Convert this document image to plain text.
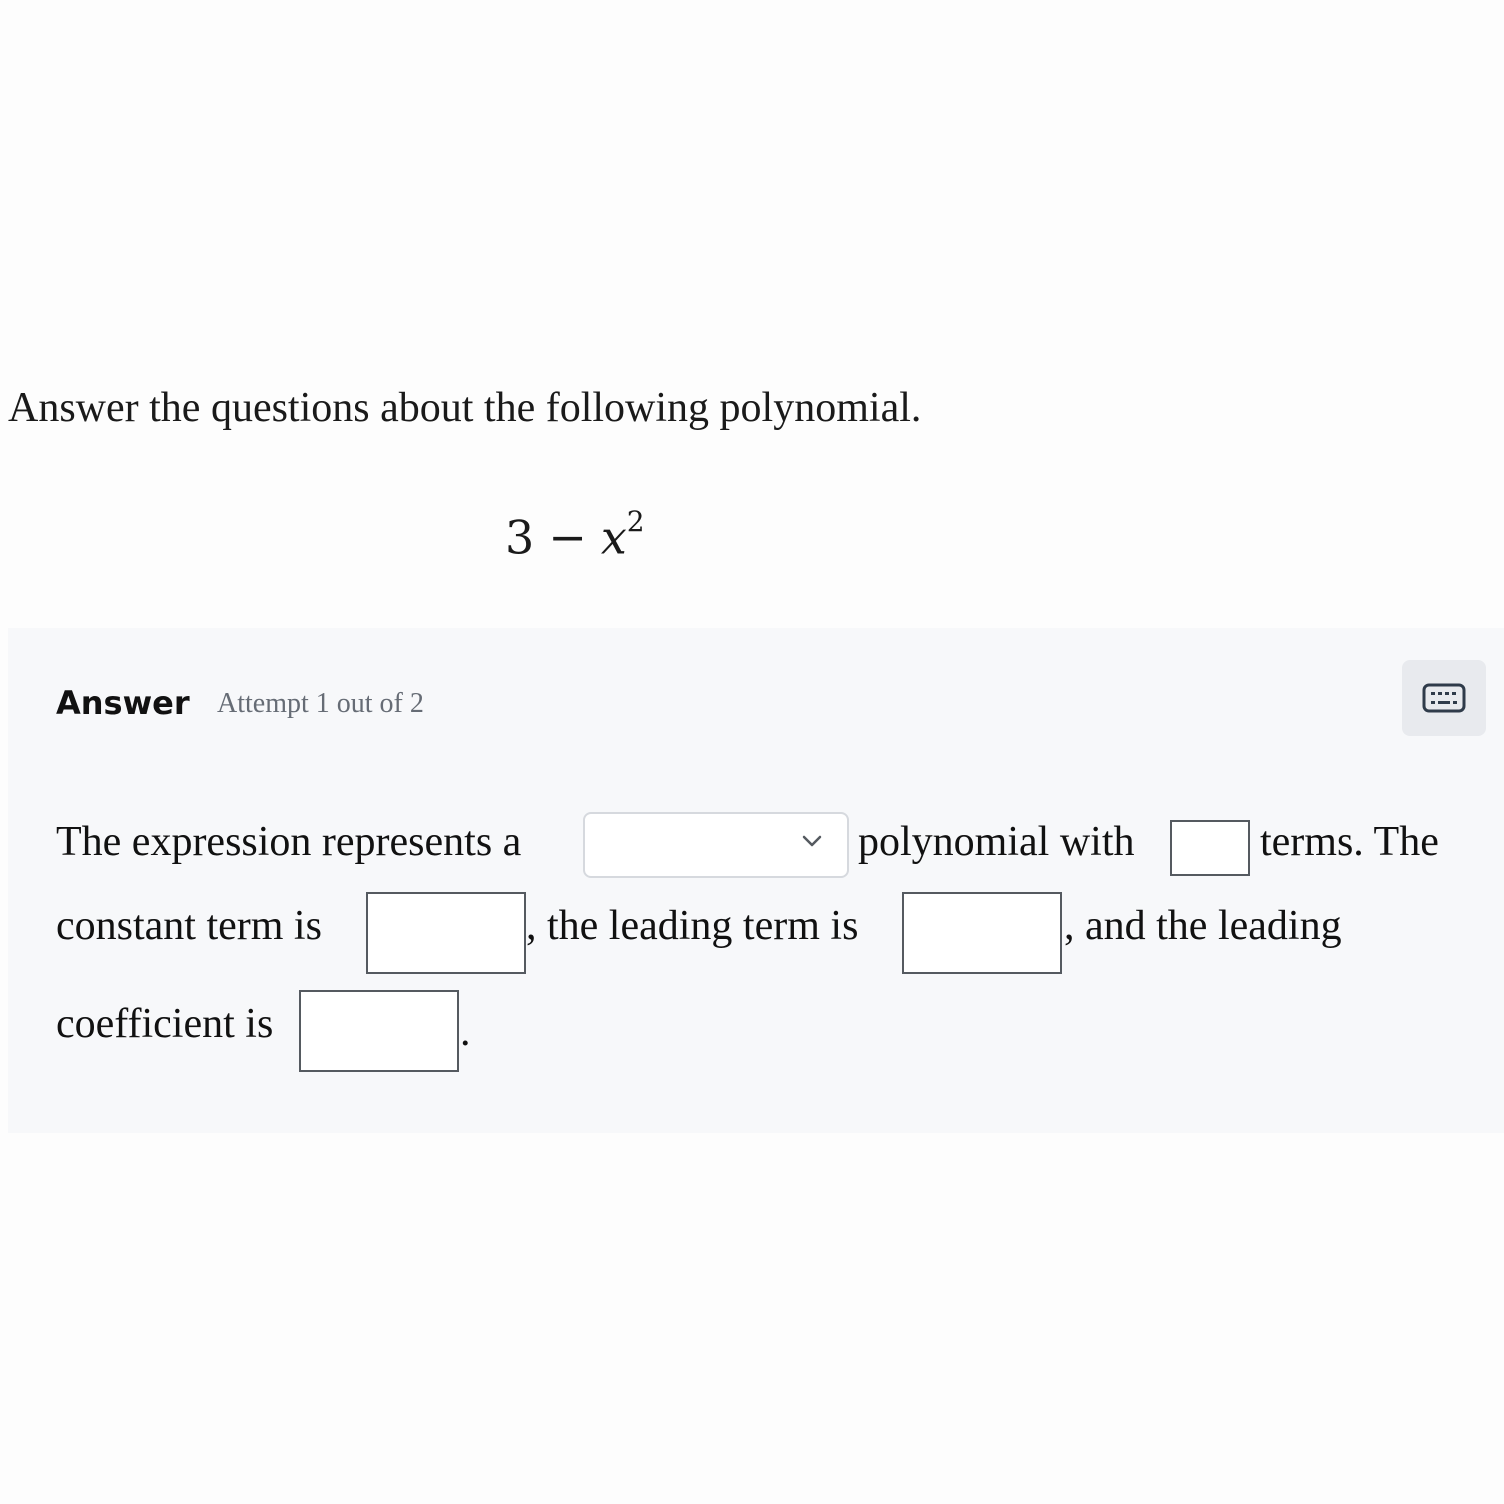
Answer the questions about the following polynomial.
$3 - x^2$
Answer Attempt 1 out of 2
The expression represents a	polynomial with	terms. The
constant term is	, the leading term is	, and the leading
coefficient is	.
